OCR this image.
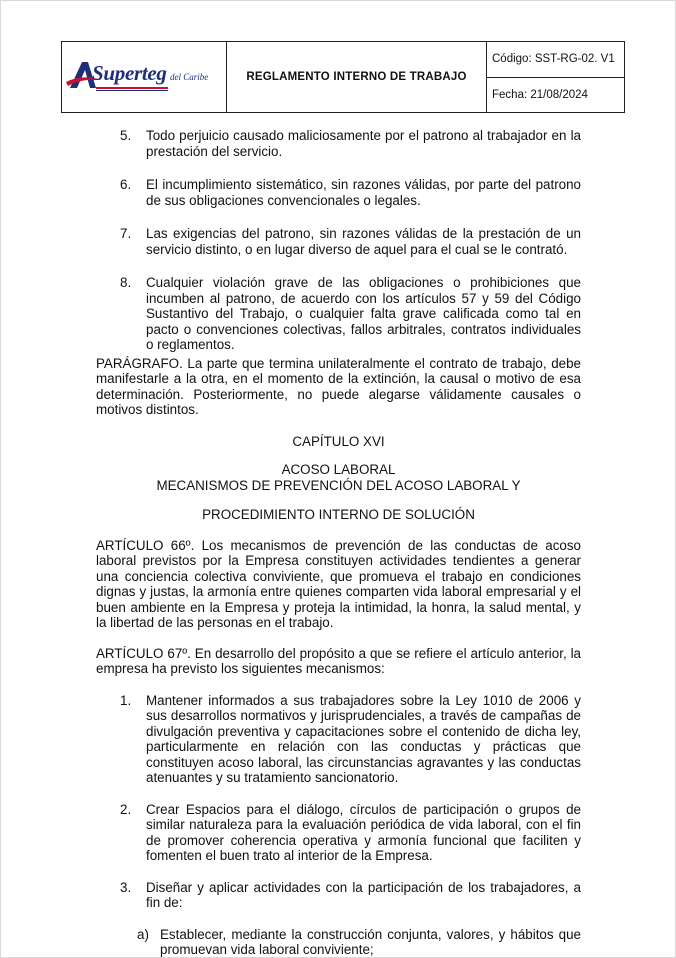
Superteg del Caribe	REGLAMENTO INTERNO DE TRABAJO
Código: SST-RG-02. V1
Fecha: 21/08/2024
5. Todo perjuicio causado maliciosamente por el patrono al trabajador en la prestación del servicio.
6. El incumplimiento sistemático, sin razones válidas, por parte del patrono de sus obligaciones convencionales o legales.
7. Las exigencias del patrono, sin razones válidas de la prestación de un servicio distinto, o en lugar diverso de aquel para el cual se le contrató.
8. Cualquier violación grave de las obligaciones o prohibiciones que incumben al patrono, de acuerdo con los artículos 57 y 59 del Código Sustantivo del Trabajo, o cualquier falta grave calificada como tal en pacto o convenciones colectivas, fallos arbitrales, contratos individuales o reglamentos.
PARÁGRAFO. La parte que termina unilateralmente el contrato de trabajo, debe manifestarle a la otra, en el momento de la extinción, la causal o motivo de esa determinación. Posteriormente, no puede alegarse válidamente causales o motivos distintos.
CAPÍTULO XVI
ACOSO LABORAL
MECANISMOS DE PREVENCIÓN DEL ACOSO LABORAL Y
PROCEDIMIENTO INTERNO DE SOLUCIÓN
ARTÍCULO 66º. Los mecanismos de prevención de las conductas de acoso laboral previstos por la Empresa constituyen actividades tendientes a generar una conciencia colectiva conviviente, que promueva el trabajo en condiciones dignas y justas, la armonía entre quienes comparten vida laboral empresarial y el buen ambiente en la Empresa y proteja la intimidad, la honra, la salud mental, y la libertad de las personas en el trabajo.
ARTÍCULO 67º. En desarrollo del propósito a que se refiere el artículo anterior, la empresa ha previsto los siguientes mecanismos:
1. Mantener informados a sus trabajadores sobre la Ley 1010 de 2006 y sus desarrollos normativos y jurisprudenciales, a través de campañas de divulgación preventiva y capacitaciones sobre el contenido de dicha ley, particularmente en relación con las conductas y prácticas que constituyen acoso laboral, las circunstancias agravantes y las conductas atenuantes y su tratamiento sancionatorio.
2. Crear Espacios para el diálogo, círculos de participación o grupos de similar naturaleza para la evaluación periódica de vida laboral, con el fin de promover coherencia operativa y armonía funcional que faciliten y fomenten el buen trato al interior de la Empresa.
3. Diseñar y aplicar actividades con la participación de los trabajadores, a fin de:
a) Establecer, mediante la construcción conjunta, valores, y hábitos que promuevan vida laboral conviviente;
